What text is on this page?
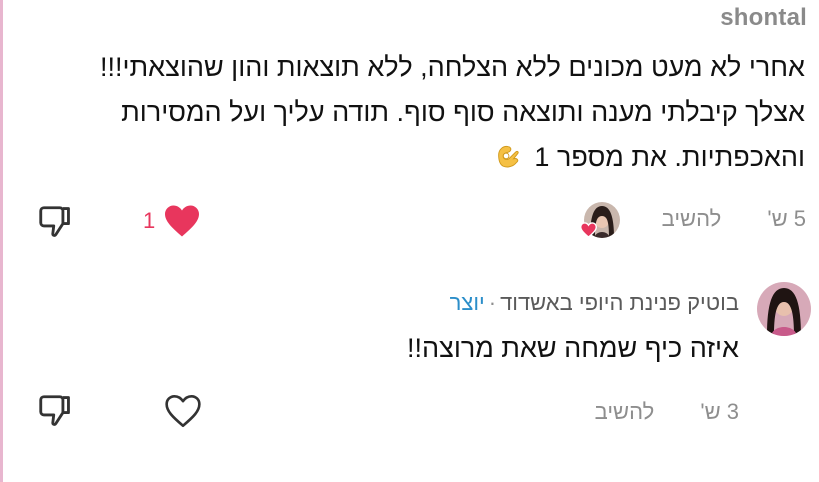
shontal
אחרי לא מעט מכונים ללא הצלחה, ללא תוצאות והון שהוצאתי!!! אצלך קיבלתי מענה ותוצאה סוף סוף. תודה עליך ועל המסירות והאכפתיות. את מספר 1
5 ש' להשיב
1
בוטיק פנינת היופי באשדוד·יוצר
איזה כיף שמחה שאת מרוצה!!
3 ש' להשיב
